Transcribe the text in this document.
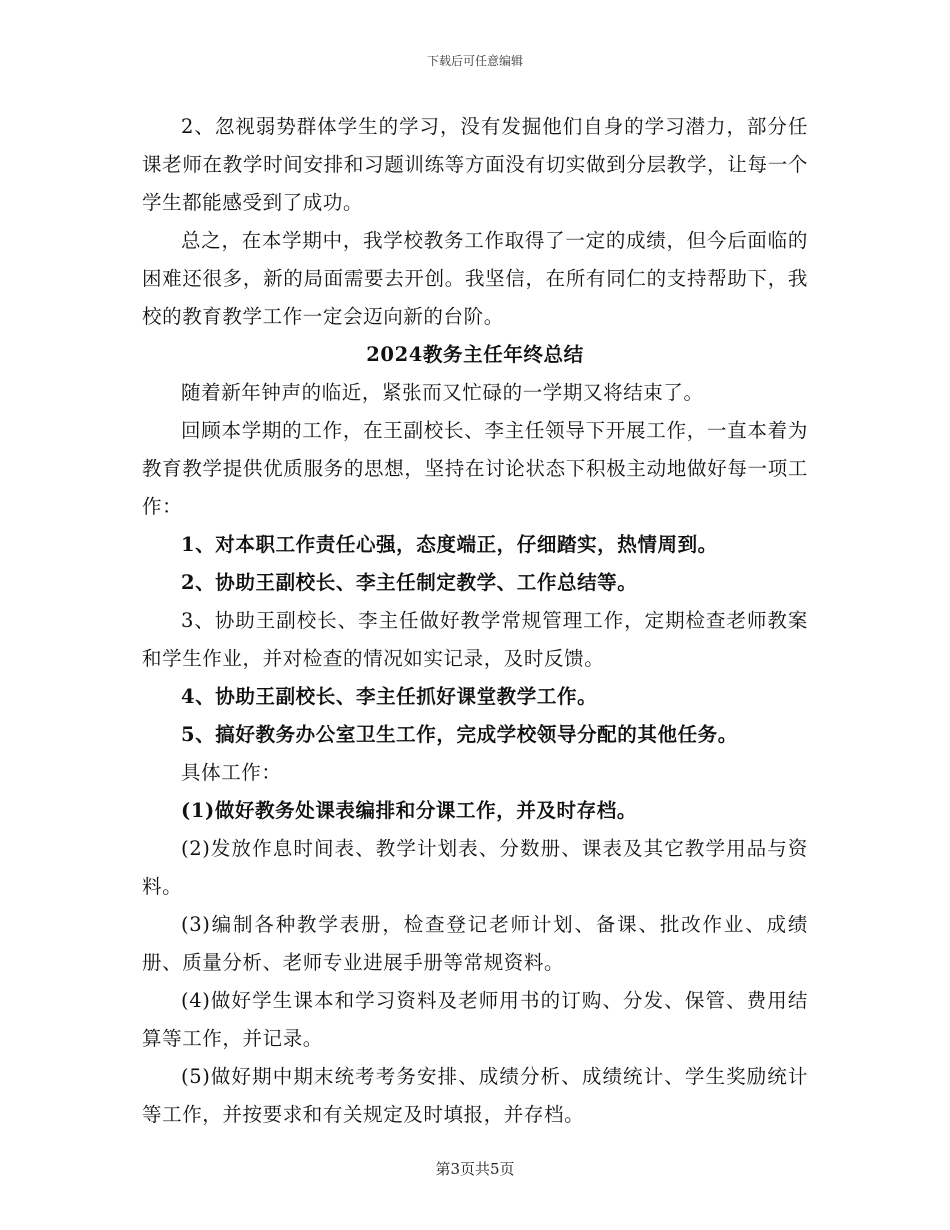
下载后可任意编辑

2、忽视弱势群体学生的学习，没有发掘他们自身的学习潜力，部分任课老师在教学时间安排和习题训练等方面没有切实做到分层教学，让每一个学生都能感受到了成功。

总之，在本学期中，我学校教务工作取得了一定的成绩，但今后面临的困难还很多，新的局面需要去开创。我坚信，在所有同仁的支持帮助下，我校的教育教学工作一定会迈向新的台阶。

2024教务主任年终总结

随着新年钟声的临近，紧张而又忙碌的一学期又将结束了。

回顾本学期的工作，在王副校长、李主任领导下开展工作，一直本着为教育教学提供优质服务的思想，坚持在讨论状态下积极主动地做好每一项工作：

1、对本职工作责任心强，态度端正，仔细踏实，热情周到。

2、协助王副校长、李主任制定教学、工作总结等。

3、协助王副校长、李主任做好教学常规管理工作，定期检查老师教案和学生作业，并对检查的情况如实记录，及时反馈。

4、协助王副校长、李主任抓好课堂教学工作。

5、搞好教务办公室卫生工作，完成学校领导分配的其他任务。

具体工作：

(1)做好教务处课表编排和分课工作，并及时存档。

(2)发放作息时间表、教学计划表、分数册、课表及其它教学用品与资料。

(3)编制各种教学表册，检查登记老师计划、备课、批改作业、成绩册、质量分析、老师专业进展手册等常规资料。

(4)做好学生课本和学习资料及老师用书的订购、分发、保管、费用结算等工作，并记录。

(5)做好期中期末统考考务安排、成绩分析、成绩统计、学生奖励统计等工作，并按要求和有关规定及时填报，并存档。

第3页共5页
